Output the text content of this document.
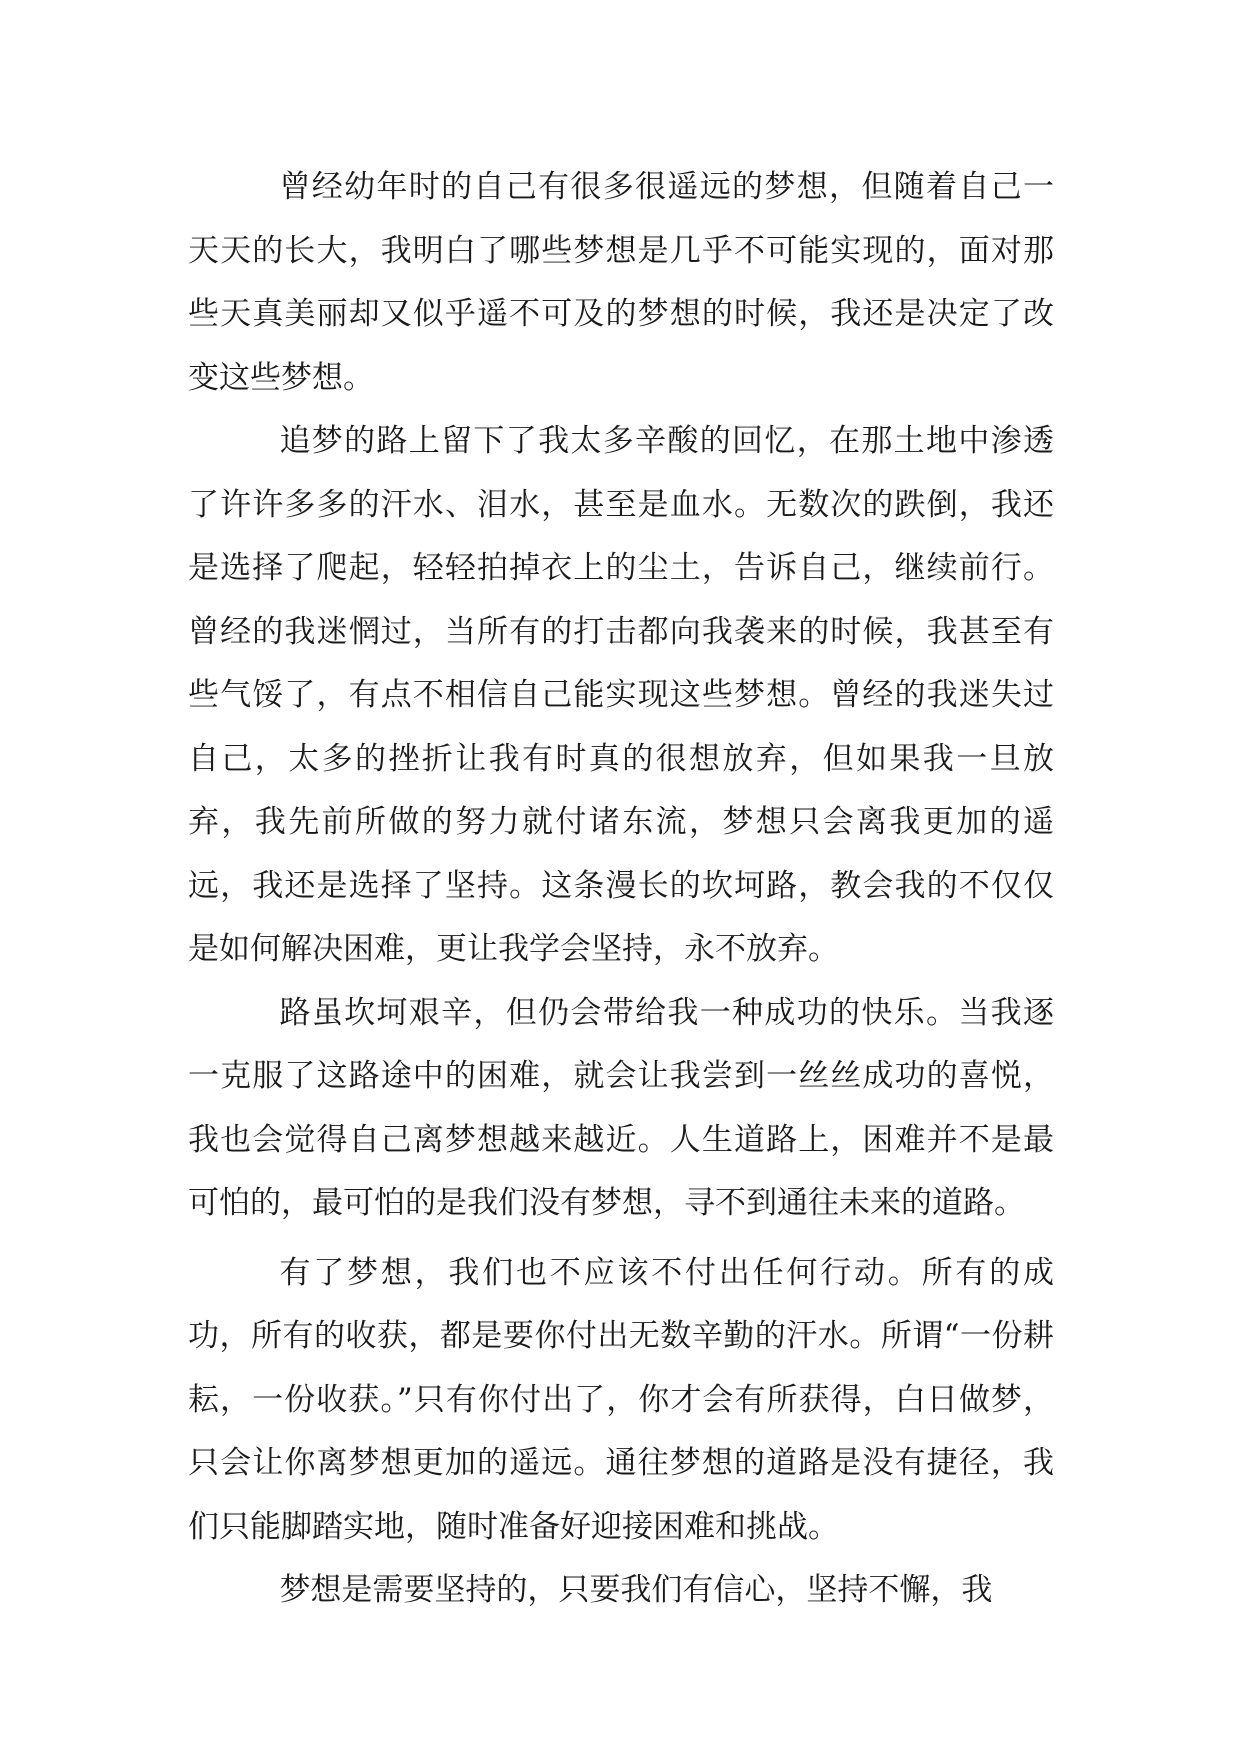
曾经幼年时的自己有很多很遥远的梦想，但随着自己一天天的长大，我明白了哪些梦想是几乎不可能实现的，面对那些天真美丽却又似乎遥不可及的梦想的时候，我还是决定了改变这些梦想。

追梦的路上留下了我太多辛酸的回忆，在那土地中渗透了许许多多的汗水、泪水，甚至是血水。无数次的跌倒，我还是选择了爬起，轻轻拍掉衣上的尘土，告诉自己，继续前行。曾经的我迷惘过，当所有的打击都向我袭来的时候，我甚至有些气馁了，有点不相信自己能实现这些梦想。曾经的我迷失过自己，太多的挫折让我有时真的很想放弃，但如果我一旦放弃，我先前所做的努力就付诸东流，梦想只会离我更加的遥远，我还是选择了坚持。这条漫长的坎坷路，教会我的不仅仅是如何解决困难，更让我学会坚持，永不放弃。

路虽坎坷艰辛，但仍会带给我一种成功的快乐。当我逐一克服了这路途中的困难，就会让我尝到一丝丝成功的喜悦，我也会觉得自己离梦想越来越近。人生道路上，困难并不是最可怕的，最可怕的是我们没有梦想，寻不到通往未来的道路。

有了梦想，我们也不应该不付出任何行动。所有的成功，所有的收获，都是要你付出无数辛勤的汗水。所谓“一份耕耘，一份收获。”只有你付出了，你才会有所获得，白日做梦，只会让你离梦想更加的遥远。通往梦想的道路是没有捷径，我们只能脚踏实地，随时准备好迎接困难和挑战。

梦想是需要坚持的，只要我们有信心，坚持不懈，我
